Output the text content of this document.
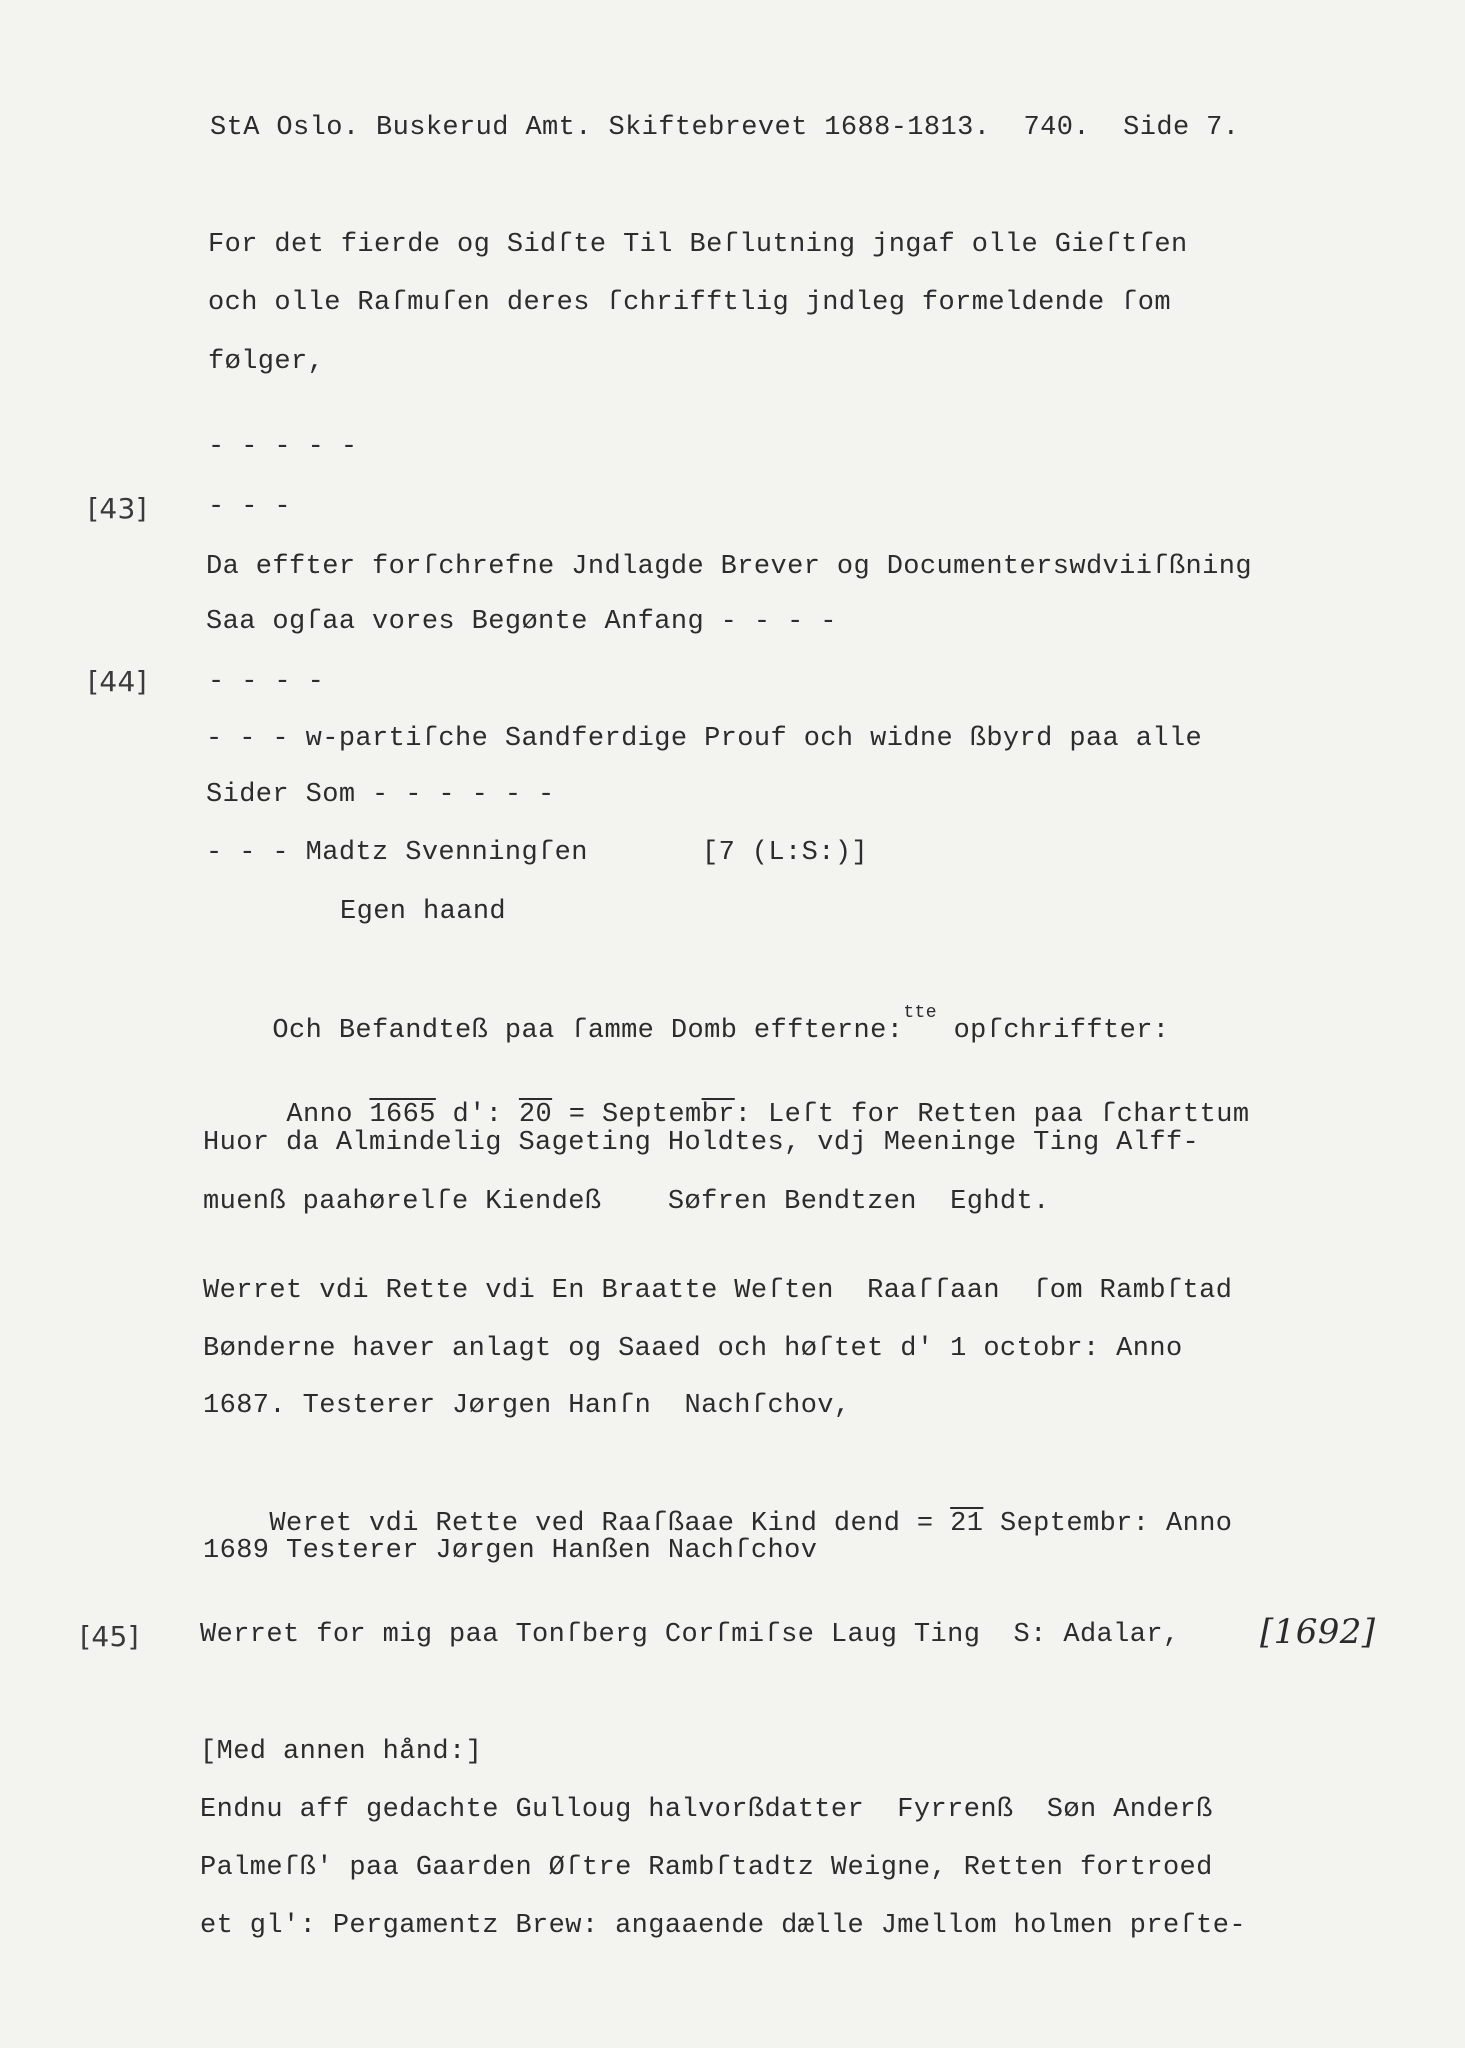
StA Oslo. Buskerud Amt. Skiftebrevet 1688-1813.  740.  Side 7.
For det fierde og Sidſte Til Beſlutning jngaf olle Gieſtſen
och olle Raſmuſen deres ſchrifftlig jndleg formeldende ſom
følger,
- - - - -
[43] - - -
Da effter forſchrefne Jndlagde Brever og Documenterswdviiſßning
Saa ogſaa vores Begønte Anfang - - - -
[44] - - - -
- - - w-partiſche Sandferdige Prouf och widne ßbyrd paa alle
Sider Som - - - - - -
- - - Madtz Svenningſen	[7 (L:S:)]
Egen haand

Och Befandteß paa ſamme Domb effterne:$^{tte}$ opſchriffter:

Anno 1665 d': $20 = Septem\overline{br}$: Leſt for Retten paa ſcharttum

Huor da Almindelig Sageting Holdtes, vdj Meeninge Ting Alff-
muenß paahørelſe Kiendeß    Søfren Bendtzen  Eghdt.
Werret vdi Rette vdi En Braatte Weſten  Raaſſaan  ſom Rambſtad
Bønderne haver anlagt og Saaed och høſtet d' 1 octobr: Anno
1687. Testerer Jørgen Hanſn  Nachſchov,

Weret vdi Rette ved Raaſßaae Kind dend = 21 Septembr: Anno

1689 Testerer Jørgen Hanßen Nachſchov
[45] Werret for mig paa Tonſberg Corſmiſse Laug Ting  S: Adalar, [1692]
[Med annen hånd:]
Endnu aff gedachte Gulloug halvorßdatter  Fyrrenß  Søn Anderß
Palmeſß' paa Gaarden Øſtre Rambſtadtz Weigne, Retten fortroed
et gl': Pergamentz Brew: angaaende dælle Jmellom holmen preſte-
